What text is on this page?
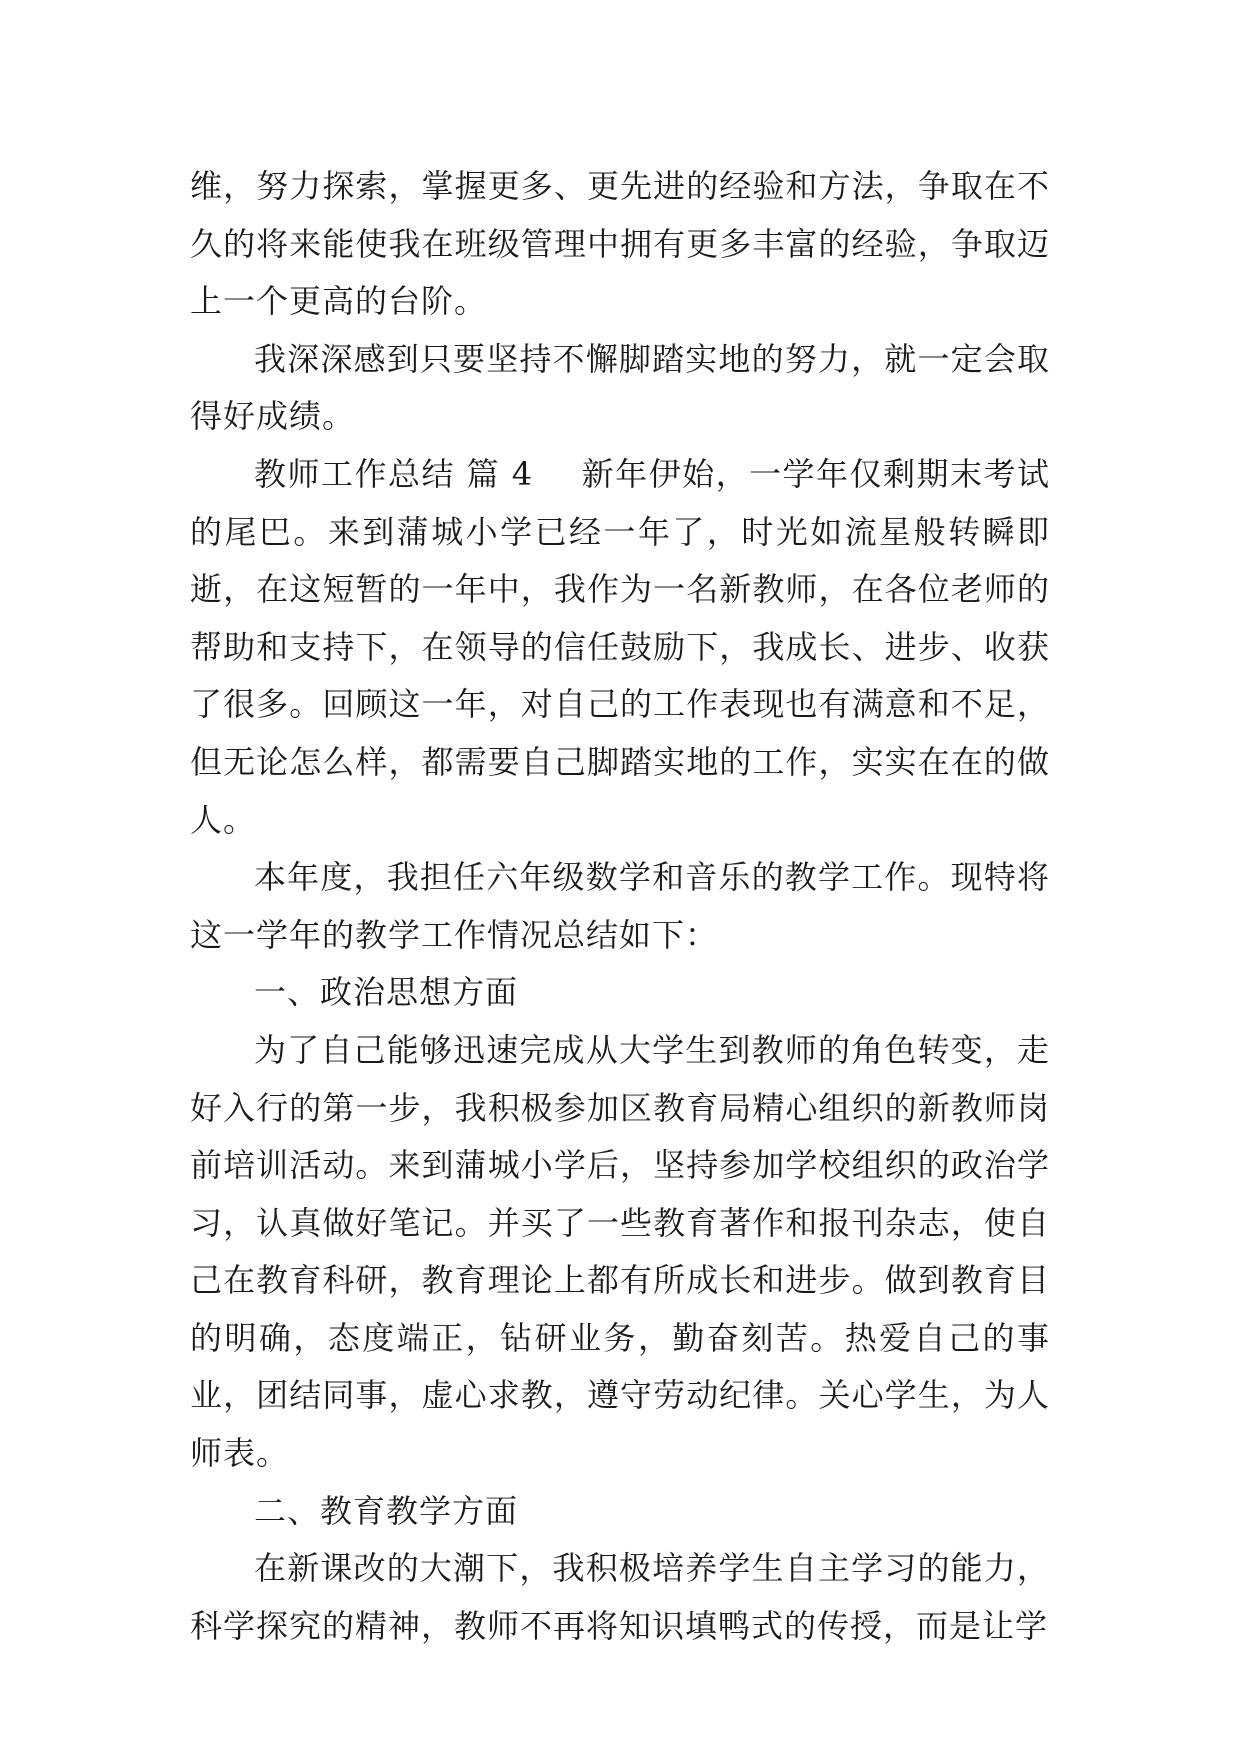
维，努力探索，掌握更多、更先进的经验和方法，争取在不久的将来能使我在班级管理中拥有更多丰富的经验，争取迈上一个更高的台阶。

我深深感到只要坚持不懈脚踏实地的努力，就一定会取得好成绩。

教师工作总结 篇 4 新年伊始，一学年仅剩期末考试的尾巴。来到蒲城小学已经一年了，时光如流星般转瞬即逝，在这短暂的一年中，我作为一名新教师，在各位老师的帮助和支持下，在领导的信任鼓励下，我成长、进步、收获了很多。回顾这一年，对自己的工作表现也有满意和不足，但无论怎么样，都需要自己脚踏实地的工作，实实在在的做人。

本年度，我担任六年级数学和音乐的教学工作。现特将这一学年的教学工作情况总结如下：

一、政治思想方面

为了自己能够迅速完成从大学生到教师的角色转变，走好入行的第一步，我积极参加区教育局精心组织的新教师岗前培训活动。来到蒲城小学后，坚持参加学校组织的政治学习，认真做好笔记。并买了一些教育著作和报刊杂志，使自己在教育科研，教育理论上都有所成长和进步。做到教育目的明确，态度端正，钻研业务，勤奋刻苦。热爱自己的事业，团结同事，虚心求教，遵守劳动纪律。关心学生，为人师表。

二、教育教学方面

在新课改的大潮下，我积极培养学生自主学习的能力，科学探究的精神，教师不再将知识填鸭式的传授，而是让学
